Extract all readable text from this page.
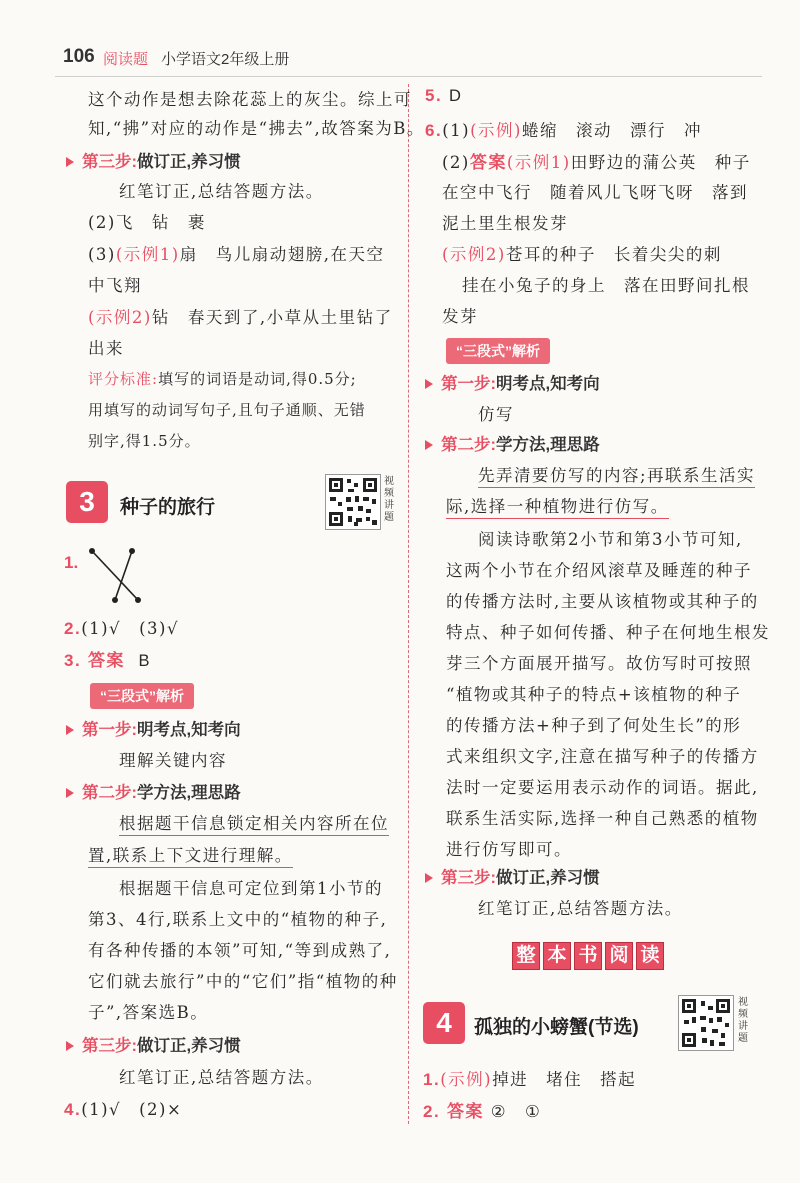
106 阅读题 小学语文2年级上册
这个动作是想去除花蕊上的灰尘。综上可
知,“拂”对应的动作是“拂去”,故答案为B。
第三步:做订正,养习惯
红笔订正,总结答题方法。
(2)飞　钻　裹
(3)(示例1)扇　鸟儿扇动翅膀,在天空
中飞翔
(示例2)钻　春天到了,小草从土里钻了
出来
评分标准:填写的词语是动词,得0.5分;
用填写的动词写句子,且句子通顺、无错
别字,得1.5分。
3	种子的旅行
视频讲题
1.
2.(1)√　(3)√
3. 答案 B
“三段式”解析
第一步:明考点,知考向
理解关键内容
第二步:学方法,理思路
根据题干信息锁定相关内容所在位
置,联系上下文进行理解。
根据题干信息可定位到第1小节的
第3、4行,联系上文中的“植物的种子,
有各种传播的本领”可知,“等到成熟了,
它们就去旅行”中的“它们”指“植物的种
子”,答案选B。
第三步:做订正,养习惯
红笔订正,总结答题方法。
4.(1)√　(2)×
5. D
6.(1)(示例)蜷缩　滚动　漂行　冲
(2)答案(示例1)田野边的蒲公英　种子
在空中飞行　随着风儿飞呀飞呀　落到
泥土里生根发芽
(示例2)苍耳的种子　长着尖尖的刺
挂在小兔子的身上　落在田野间扎根
发芽
“三段式”解析
第一步:明考点,知考向
仿写
第二步:学方法,理思路
先弄清要仿写的内容;再联系生活实
际,选择一种植物进行仿写。
阅读诗歌第2小节和第3小节可知,
这两个小节在介绍风滚草及睡莲的种子
的传播方法时,主要从该植物或其种子的
特点、种子如何传播、种子在何地生根发
芽三个方面展开描写。故仿写时可按照
“植物或其种子的特点+该植物的种子
的传播方法+种子到了何处生长”的形
式来组织文字,注意在描写种子的传播方
法时一定要运用表示动作的词语。据此,
联系生活实际,选择一种自己熟悉的植物
进行仿写即可。
第三步:做订正,养习惯
红笔订正,总结答题方法。
整 本 书 阅 读
4	孤独的小螃蟹(节选)
视频讲题
1.(示例)掉进　堵住　搭起
2. 答案 ②　①
